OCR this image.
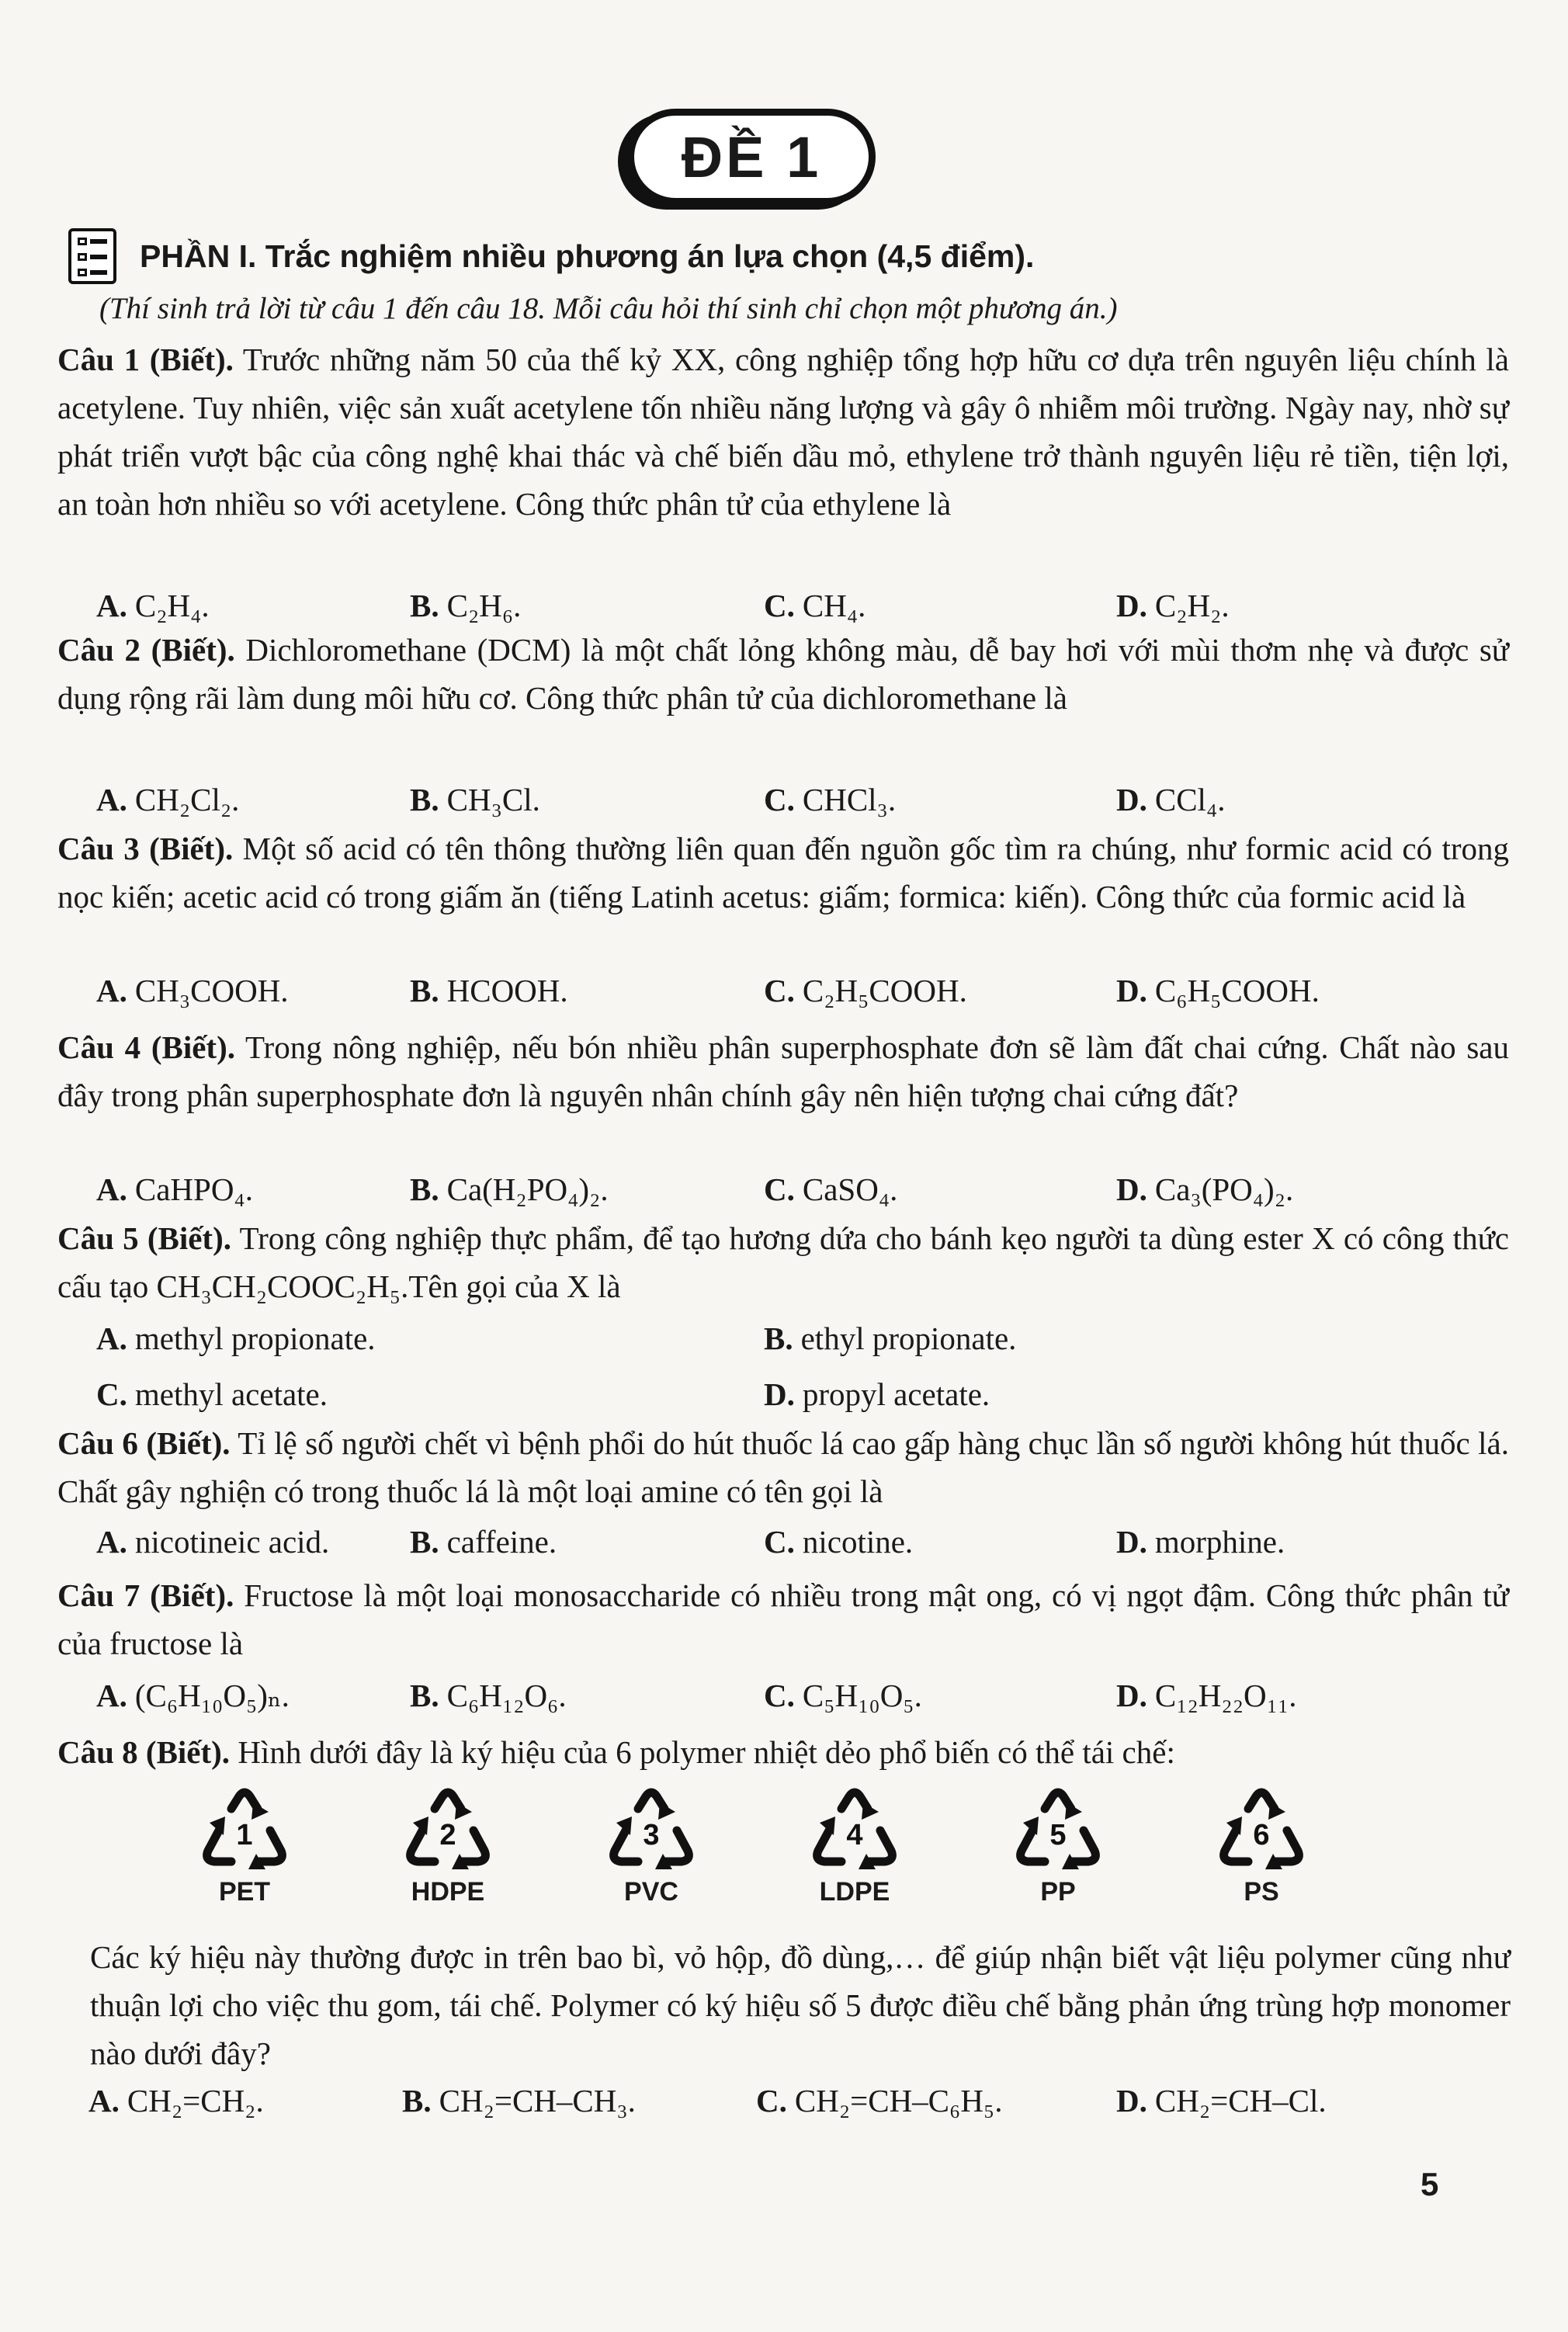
ĐỀ 1
PHẦN I. Trắc nghiệm nhiều phương án lựa chọn (4,5 điểm).
(Thí sinh trả lời từ câu 1 đến câu 18. Mỗi câu hỏi thí sinh chỉ chọn một phương án.)
Câu 1 (Biết). Trước những năm 50 của thế kỷ XX, công nghiệp tổng hợp hữu cơ dựa trên nguyên liệu chính là acetylene. Tuy nhiên, việc sản xuất acetylene tốn nhiều năng lượng và gây ô nhiễm môi trường. Ngày nay, nhờ sự phát triển vượt bậc của công nghệ khai thác và chế biến dầu mỏ, ethylene trở thành nguyên liệu rẻ tiền, tiện lợi, an toàn hơn nhiều so với acetylene. Công thức phân tử của ethylene là
A. C₂H₄.	B. C₂H₆.	C. CH₄.	D. C₂H₂.
Câu 2 (Biết). Dichloromethane (DCM) là một chất lỏng không màu, dễ bay hơi với mùi thơm nhẹ và được sử dụng rộng rãi làm dung môi hữu cơ. Công thức phân tử của dichloromethane là
A. CH₂Cl₂.	B. CH₃Cl.	C. CHCl₃.	D. CCl₄.
Câu 3 (Biết). Một số acid có tên thông thường liên quan đến nguồn gốc tìm ra chúng, như formic acid có trong nọc kiến; acetic acid có trong giấm ăn (tiếng Latinh acetus: giấm; formica: kiến). Công thức của formic acid là
A. CH₃COOH.	B. HCOOH.	C. C₂H₅COOH.	D. C₆H₅COOH.
Câu 4 (Biết). Trong nông nghiệp, nếu bón nhiều phân superphosphate đơn sẽ làm đất chai cứng. Chất nào sau đây trong phân superphosphate đơn là nguyên nhân chính gây nên hiện tượng chai cứng đất?
A. CaHPO₄.	B. Ca(H₂PO₄)₂.	C. CaSO₄.	D. Ca₃(PO₄)₂.
Câu 5 (Biết). Trong công nghiệp thực phẩm, để tạo hương dứa cho bánh kẹo người ta dùng ester X có công thức cấu tạo CH₃CH₂COOC₂H₅.Tên gọi của X là
A. methyl propionate.	B. ethyl propionate.
C. methyl acetate.	D. propyl acetate.
Câu 6 (Biết). Tỉ lệ số người chết vì bệnh phổi do hút thuốc lá cao gấp hàng chục lần số người không hút thuốc lá. Chất gây nghiện có trong thuốc lá là một loại amine có tên gọi là
A. nicotineic acid.	B. caffeine.	C. nicotine.	D. morphine.
Câu 7 (Biết). Fructose là một loại monosaccharide có nhiều trong mật ong, có vị ngọt đậm. Công thức phân tử của fructose là
A. (C₆H₁₀O₅)ₙ.	B. C₆H₁₂O₆.	C. C₅H₁₀O₅.	D. C₁₂H₂₂O₁₁.
Câu 8 (Biết). Hình dưới đây là ký hiệu của 6 polymer nhiệt dẻo phổ biến có thể tái chế:
1
PET
2
HDPE
3
PVC
4
LDPE
5
PP
6
PS
Các ký hiệu này thường được in trên bao bì, vỏ hộp, đồ dùng,… để giúp nhận biết vật liệu polymer cũng như thuận lợi cho việc thu gom, tái chế. Polymer có ký hiệu số 5 được điều chế bằng phản ứng trùng hợp monomer nào dưới đây?
A. CH₂=CH₂.	B. CH₂=CH–CH₃.	C. CH₂=CH–C₆H₅.	D. CH₂=CH–Cl.
5
